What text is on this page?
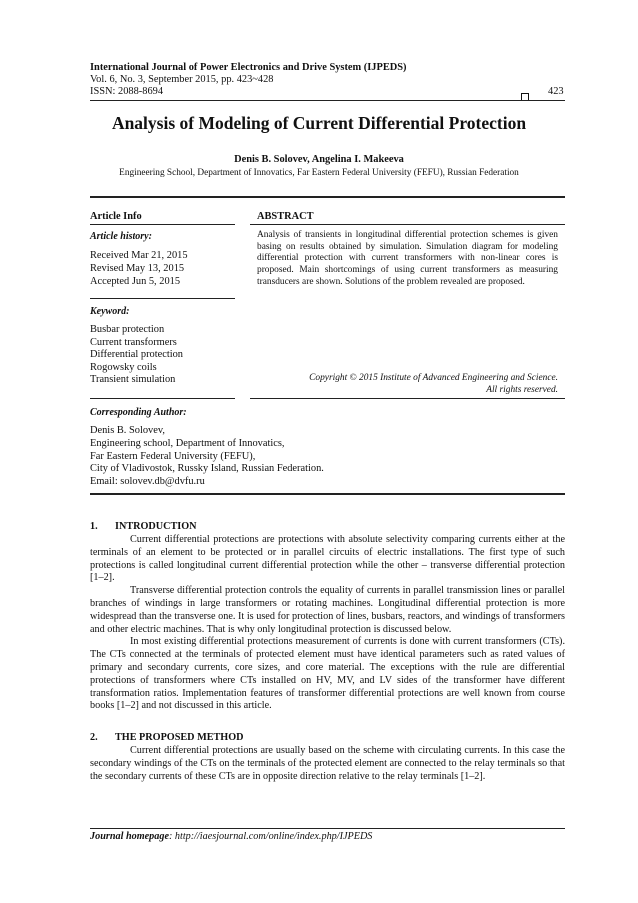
International Journal of Power Electronics and Drive System (IJPEDS)
Vol. 6, No. 3, September 2015, pp. 423~428
ISSN: 2088-8694	423
Analysis of Modeling of Current Differential Protection
Denis B. Solovev, Angelina I. Makeeva
Engineering School, Department of Innovatics, Far Eastern Federal University (FEFU), Russian Federation
Article Info
Article history:
Received Mar 21, 2015
Revised May 13, 2015
Accepted Jun 5, 2015
Keyword:
Busbar protection
Current transformers
Differential protection
Rogowsky coils
Transient simulation
ABSTRACT
Analysis of transients in longitudinal differential protection schemes is given basing on results obtained by simulation. Simulation diagram for modeling differential protection with current transformers with non-linear cores is proposed. Main shortcomings of using current transformers as measuring transducers are shown. Solutions of the problem revealed are proposed.
Copyright © 2015 Institute of Advanced Engineering and Science.
All rights reserved.
Corresponding Author:
Denis B. Solovev,
Engineering school, Department of Innovatics,
Far Eastern Federal University (FEFU),
City of Vladivostok, Russky Island, Russian Federation.
Email: solovev.db@dvfu.ru
1. INTRODUCTION

Current differential protections are protections with absolute selectivity comparing currents either at the terminals of an element to be protected or in parallel circuits of electric installations. The first type of such protections is called longitudinal current differential protection while the other – transverse differential protection [1–2].

Transverse differential protection controls the equality of currents in parallel transmission lines or parallel branches of windings in large transformers or rotating machines. Longitudinal differential protection is more widespread than the transverse one. It is used for protection of lines, busbars, reactors, and windings of transformers and other electric machines. That is why only longitudinal protection is discussed below.

In most existing differential protections measurement of currents is done with current transformers (CTs). The CTs connected at the terminals of protected element must have identical parameters such as rated values of primary and secondary currents, core sizes, and core material. The exceptions with the rule are differential protections of transformers where CTs installed on HV, MV, and LV sides of the transformer have different transformation ratios. Implementation features of transformer differential protections are well known from course books [1–2] and not discussed in this article.

2. THE PROPOSED METHOD

Current differential protections are usually based on the scheme with circulating currents. In this case the secondary windings of the CTs on the terminals of the protected element are connected to the relay terminals so that the secondary currents of these CTs are in opposite direction relative to the relay terminals [1–2].

Journal homepage: http://iaesjournal.com/online/index.php/IJPEDS
